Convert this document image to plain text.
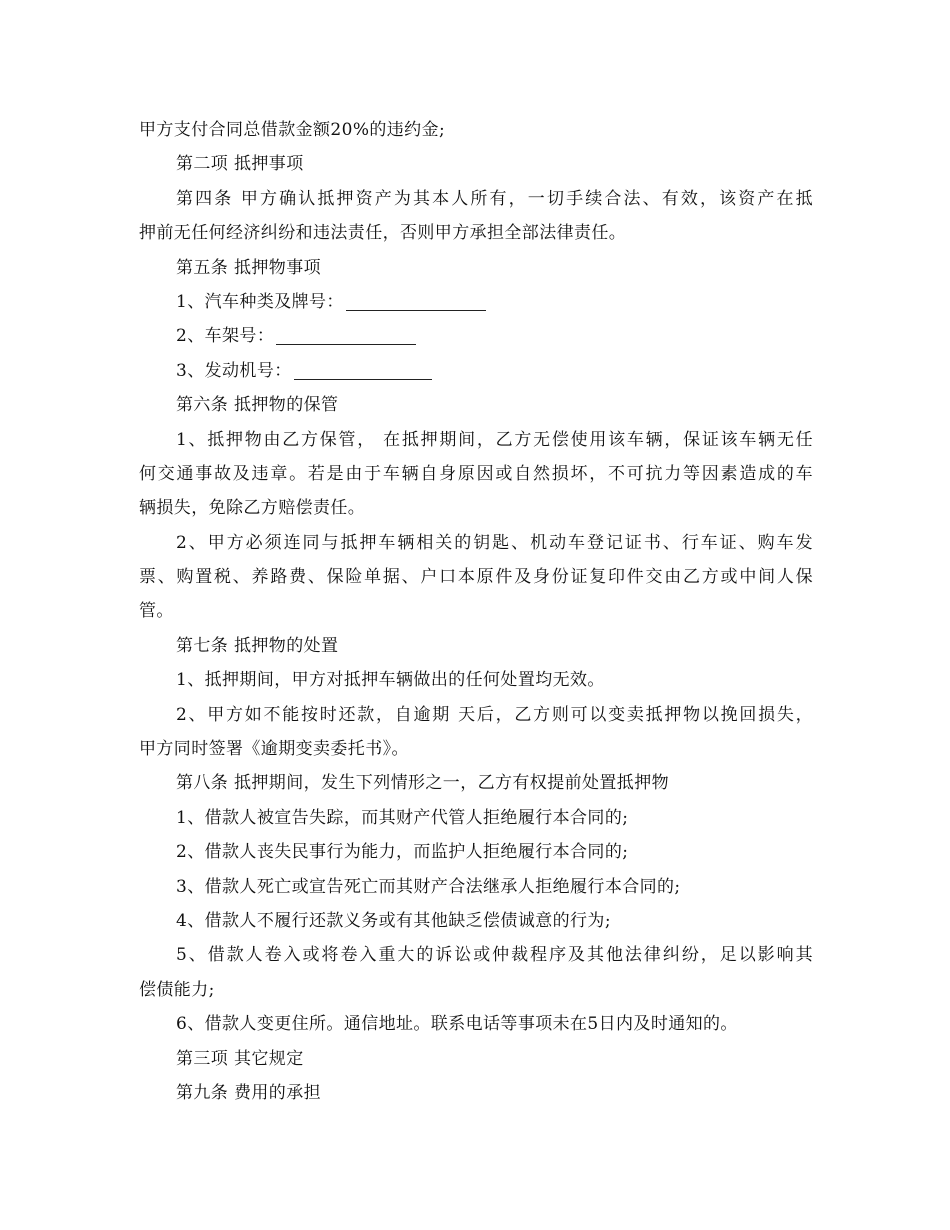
甲方支付合同总借款金额20%的违约金;
第二项 抵押事项
第四条 甲方确认抵押资产为其本人所有，一切手续合法、有效，该资产在抵
押前无任何经济纠纷和违法责任，否则甲方承担全部法律责任。
第五条 抵押物事项
1、汽车种类及牌号：
2、车架号：
3、发动机号：
第六条 抵押物的保管
1、抵押物由乙方保管， 在抵押期间，乙方无偿使用该车辆，保证该车辆无任
何交通事故及违章。若是由于车辆自身原因或自然损坏，不可抗力等因素造成的车
辆损失，免除乙方赔偿责任。
2、甲方必须连同与抵押车辆相关的钥匙、机动车登记证书、行车证、购车发
票、购置税、养路费、保险单据、户口本原件及身份证复印件交由乙方或中间人保
管。
第七条 抵押物的处置
1、抵押期间，甲方对抵押车辆做出的任何处置均无效。
2、甲方如不能按时还款，自逾期 天后，乙方则可以变卖抵押物以挽回损失，
甲方同时签署《逾期变卖委托书》。
第八条 抵押期间，发生下列情形之一，乙方有权提前处置抵押物
1、借款人被宣告失踪，而其财产代管人拒绝履行本合同的;
2、借款人丧失民事行为能力，而监护人拒绝履行本合同的;
3、借款人死亡或宣告死亡而其财产合法继承人拒绝履行本合同的;
4、借款人不履行还款义务或有其他缺乏偿债诚意的行为;
5、借款人卷入或将卷入重大的诉讼或仲裁程序及其他法律纠纷，足以影响其
偿债能力;
6、借款人变更住所。通信地址。联系电话等事项未在5日内及时通知的。
第三项 其它规定
第九条 费用的承担
